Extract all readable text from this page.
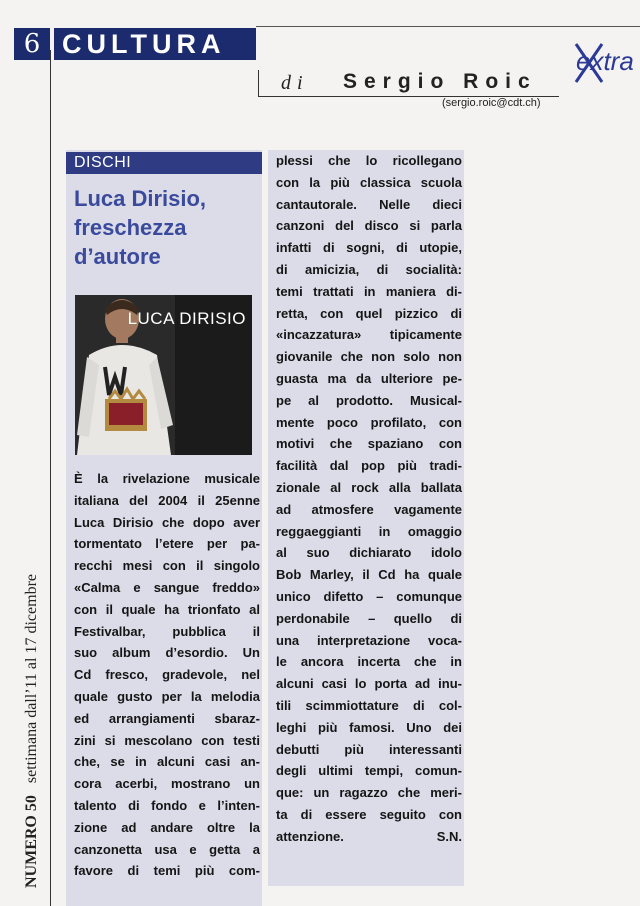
6 CULTURA
di Sergio Roic
(sergio.roic@cdt.ch)
extra
DISCHI
Luca Dirisio,
freschezza
d’autore
LUCA DIRISIO
È la rivelazione musicale
italiana del 2004 il 25enne
Luca Dirisio che dopo aver
tormentato l’etere per pa-
recchi mesi con il singolo
«Calma e sangue freddo»
con il quale ha trionfato al
Festivalbar, pubblica il
suo album d’esordio. Un
Cd fresco, gradevole, nel
quale gusto per la melodia
ed arrangiamenti sbaraz-
zini si mescolano con testi
che, se in alcuni casi an-
cora acerbi, mostrano un
talento di fondo e l’inten-
zione ad andare oltre la
canzonetta usa e getta a
favore di temi più com-
plessi che lo ricollegano
con la più classica scuola
cantautorale. Nelle dieci
canzoni del disco si parla
infatti di sogni, di utopie,
di amicizia, di socialità:
temi trattati in maniera di-
retta, con quel pizzico di
«incazzatura» tipicamente
giovanile che non solo non
guasta ma da ulteriore pe-
pe al prodotto. Musical-
mente poco profilato, con
motivi che spaziano con
facilità dal pop più tradi-
zionale al rock alla ballata
ad atmosfere vagamente
reggaeggianti in omaggio
al suo dichiarato idolo
Bob Marley, il Cd ha quale
unico difetto – comunque
perdonabile – quello di
una interpretazione voca-
le ancora incerta che in
alcuni casi lo porta ad inu-
tili scimmiottature di col-
leghi più famosi. Uno dei
debutti più interessanti
degli ultimi tempi, comun-
que: un ragazzo che meri-
ta di essere seguito con
attenzione.	S.N.
NUMERO 50 settimana dall’11 al 17 dicembre
